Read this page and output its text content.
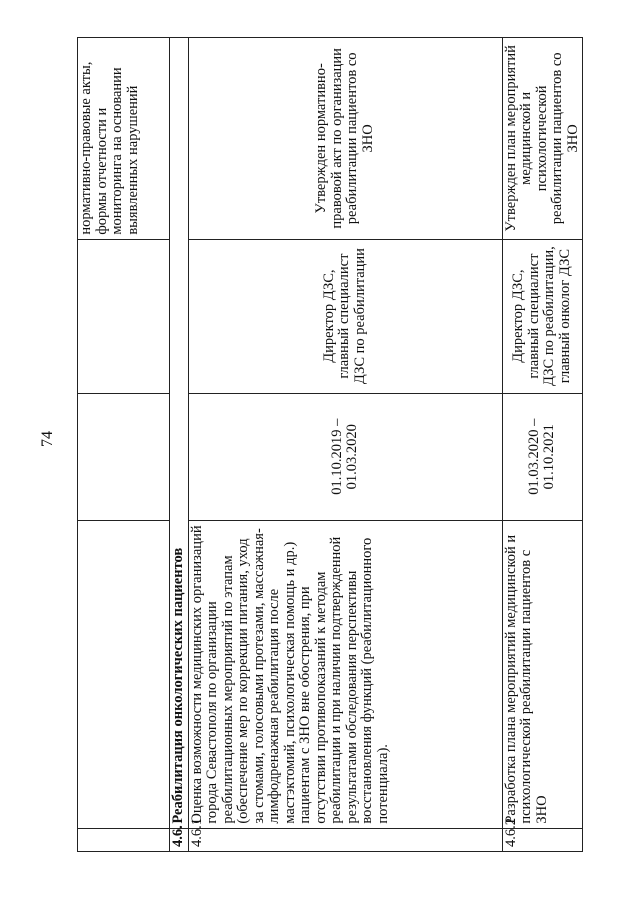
74
				нормативно-правовые акты, формы отчетности и мониторинга на основании выявленных нарушений
4.6.	Реабилитация онкологических пациентов			
4.6.1	Оценка возможности медицинских организаций города Севастополя по организации реабилитационных мероприятий по этапам (обеспечение мер по коррекции питания, уход за стомами, голосовыми протезами, массажная-лимфодренажная реабилитация после мастэктомий, психологическая помощь и др.) пациентам с ЗНО вне обострения, при отсутствии противопоказаний к методам реабилитации и при наличии подтвержденной результатами обследования перспективы восстановления функций (реабилитационного потенциала).	01.10.2019 – 01.03.2020	Директор ДЗС, главный специалист ДЗС по реабилитации	Утвержден нормативно-правовой акт по организации реабилитации пациентов со ЗНО
4.6.2	Разработка плана мероприятий медицинской и психологической реабилитации пациентов с ЗНО	01.03.2020 – 01.10.2021	Директор ДЗС, главный специалист ДЗС по реабилитации, главный онколог ДЗС	Утвержден план мероприятий медицинской и психологической реабилитации пациентов со ЗНО
